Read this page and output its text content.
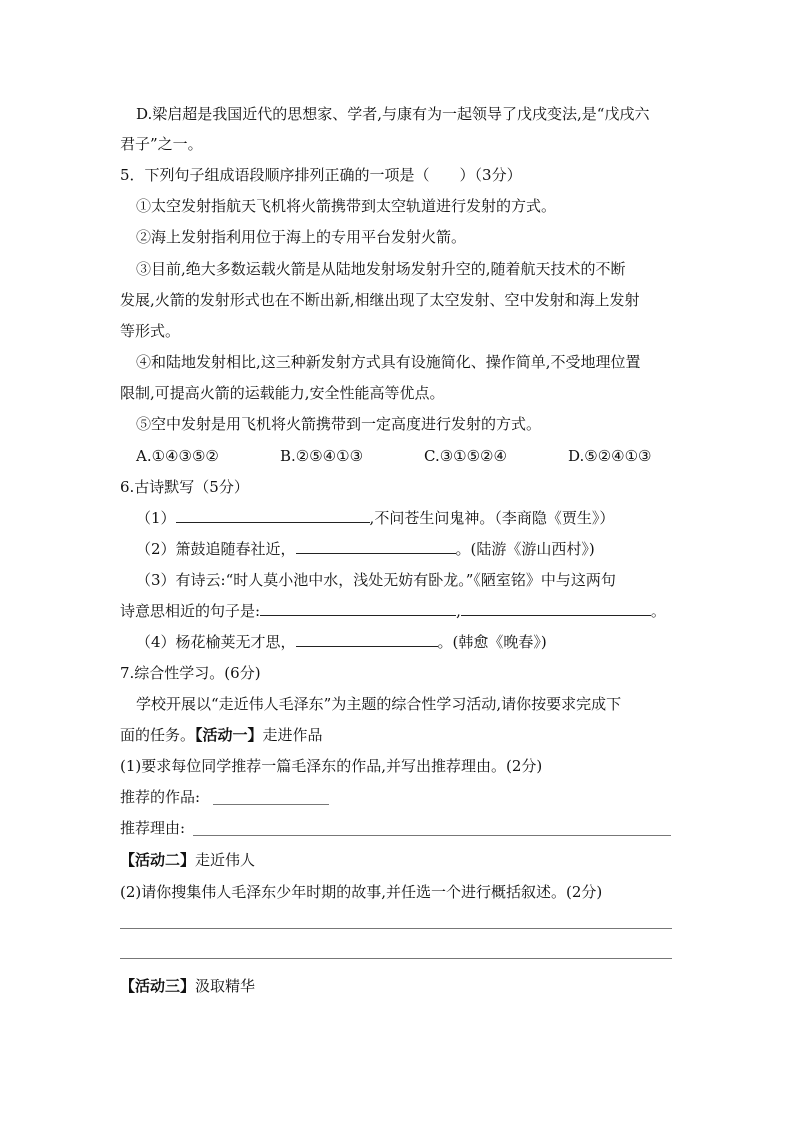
D.梁启超是我国近代的思想家、学者,与康有为一起领导了戊戌变法,是“戊戌六
君子”之一。
5．下列句子组成语段顺序排列正确的一项是（　　）（3分）
①太空发射指航天飞机将火箭携带到太空轨道进行发射的方式。
②海上发射指利用位于海上的专用平台发射火箭。
③目前,绝大多数运载火箭是从陆地发射场发射升空的,随着航天技术的不断
发展,火箭的发射形式也在不断出新,相继出现了太空发射、空中发射和海上发射
等形式。
④和陆地发射相比,这三种新发射方式具有设施简化、操作简单,不受地理位置
限制,可提高火箭的运载能力,安全性能高等优点。
⑤空中发射是用飞机将火箭携带到一定高度进行发射的方式。
A.①④③⑤②	B.②⑤④①③	C.③①⑤②④	D.⑤②④①③
6.古诗默写（5分）
（1）	,不问苍生问鬼神。（李商隐《贾生》）
（2）箫鼓追随春社近，	。(陆游《游山西村》)
（3）有诗云:“时人莫小池中水，浅处无妨有卧龙。”《陋室铭》中与这两句
诗意思相近的句子是:	,	。
（4）杨花榆荚无才思，	。(韩愈《晚春》)
7.综合性学习。(6分)
学校开展以“走近伟人毛泽东”为主题的综合性学习活动,请你按要求完成下
面的任务。【活动一】走进作品
(1)要求每位同学推荐一篇毛泽东的作品,并写出推荐理由。(2分)
推荐的作品:
推荐理由:
【活动二】走近伟人
(2)请你搜集伟人毛泽东少年时期的故事,并任选一个进行概括叙述。(2分)
【活动三】汲取精华
